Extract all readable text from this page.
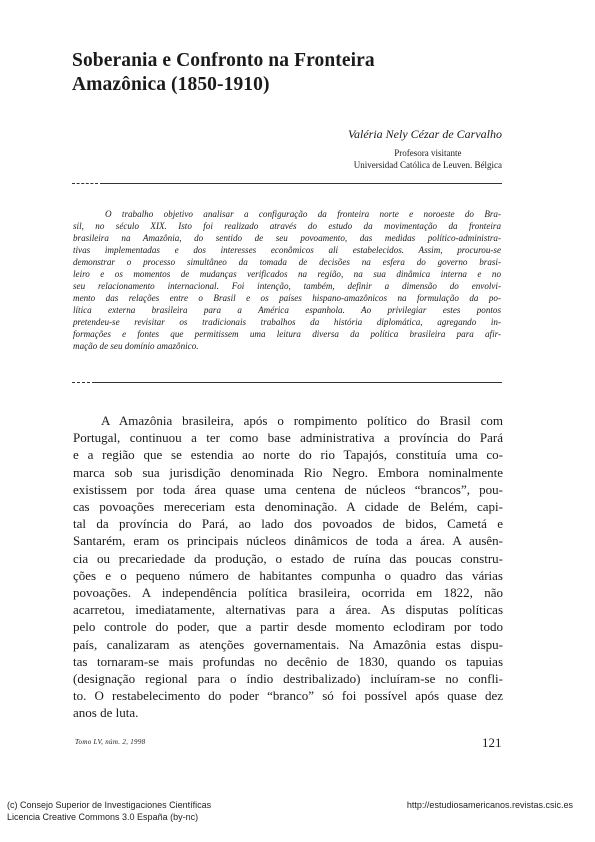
Soberania e Confronto na Fronteira
Amazônica (1850-1910)
Valéria Nely Cézar de Carvalho
Profesora visitante
Universidad Católica de Leuven. Bélgica
O trabalho objetivo analisar a configuração da fronteira norte e noroeste do Bra-
sil, no século XIX. Isto foi realizado através do estudo da movimentação da fronteira
brasileira na Amazônia, do sentido de seu povoamento, das medidas político-administra-
tivas implementadas e dos interesses econômicos ali estabelecidos. Assim, procurou-se
demonstrar o processo simultâneo da tomada de decisões na esfera do governo brasi-
leiro e os momentos de mudanças verificados na região, na sua dinâmica interna e no
seu relacionamento internacional. Foi intenção, também, definir a dimensão do envolvi-
mento das relações entre o Brasil e os países hispano-amazônicos na formulação da po-
lítica externa brasileira para a América espanhola. Ao privilegiar estes pontos
pretendeu-se revisitar os tradicionais trabalhos da história diplomática, agregando in-
formações e fontes que permitissem uma leitura diversa da política brasileira para afir-
mação de seu domínio amazônico.
A Amazônia brasileira, após o rompimento político do Brasil com
Portugal, continuou a ter como base administrativa a província do Pará
e a região que se estendia ao norte do rio Tapajós, constituía uma co-
marca sob sua jurisdição denominada Rio Negro. Embora nominalmente
existissem por toda área quase uma centena de núcleos “brancos”, pou-
cas povoações mereceriam esta denominação. A cidade de Belém, capi-
tal da província do Pará, ao lado dos povoados de bidos, Cametá e
Santarém, eram os principais núcleos dinâmicos de toda a área. A ausên-
cia ou precariedade da produção, o estado de ruína das poucas constru-
ções e o pequeno número de habitantes compunha o quadro das várias
povoações. A independência política brasileira, ocorrida em 1822, não
acarretou, imediatamente, alternativas para a área. As disputas políticas
pelo controle do poder, que a partir desde momento eclodiram por todo
país, canalizaram as atenções governamentais. Na Amazônia estas dispu-
tas tornaram-se mais profundas no decênio de 1830, quando os tapuias
(designação regional para o índio destribalizado) incluíram-se no confli-
to. O restabelecimento do poder “branco” só foi possível após quase dez
anos de luta.
Tomo LV, núm. 2, 1998	121
(c) Consejo Superior de Investigaciones Científicas
Licencia Creative Commons 3.0 España (by-nc)
http://estudiosamericanos.revistas.csic.es
